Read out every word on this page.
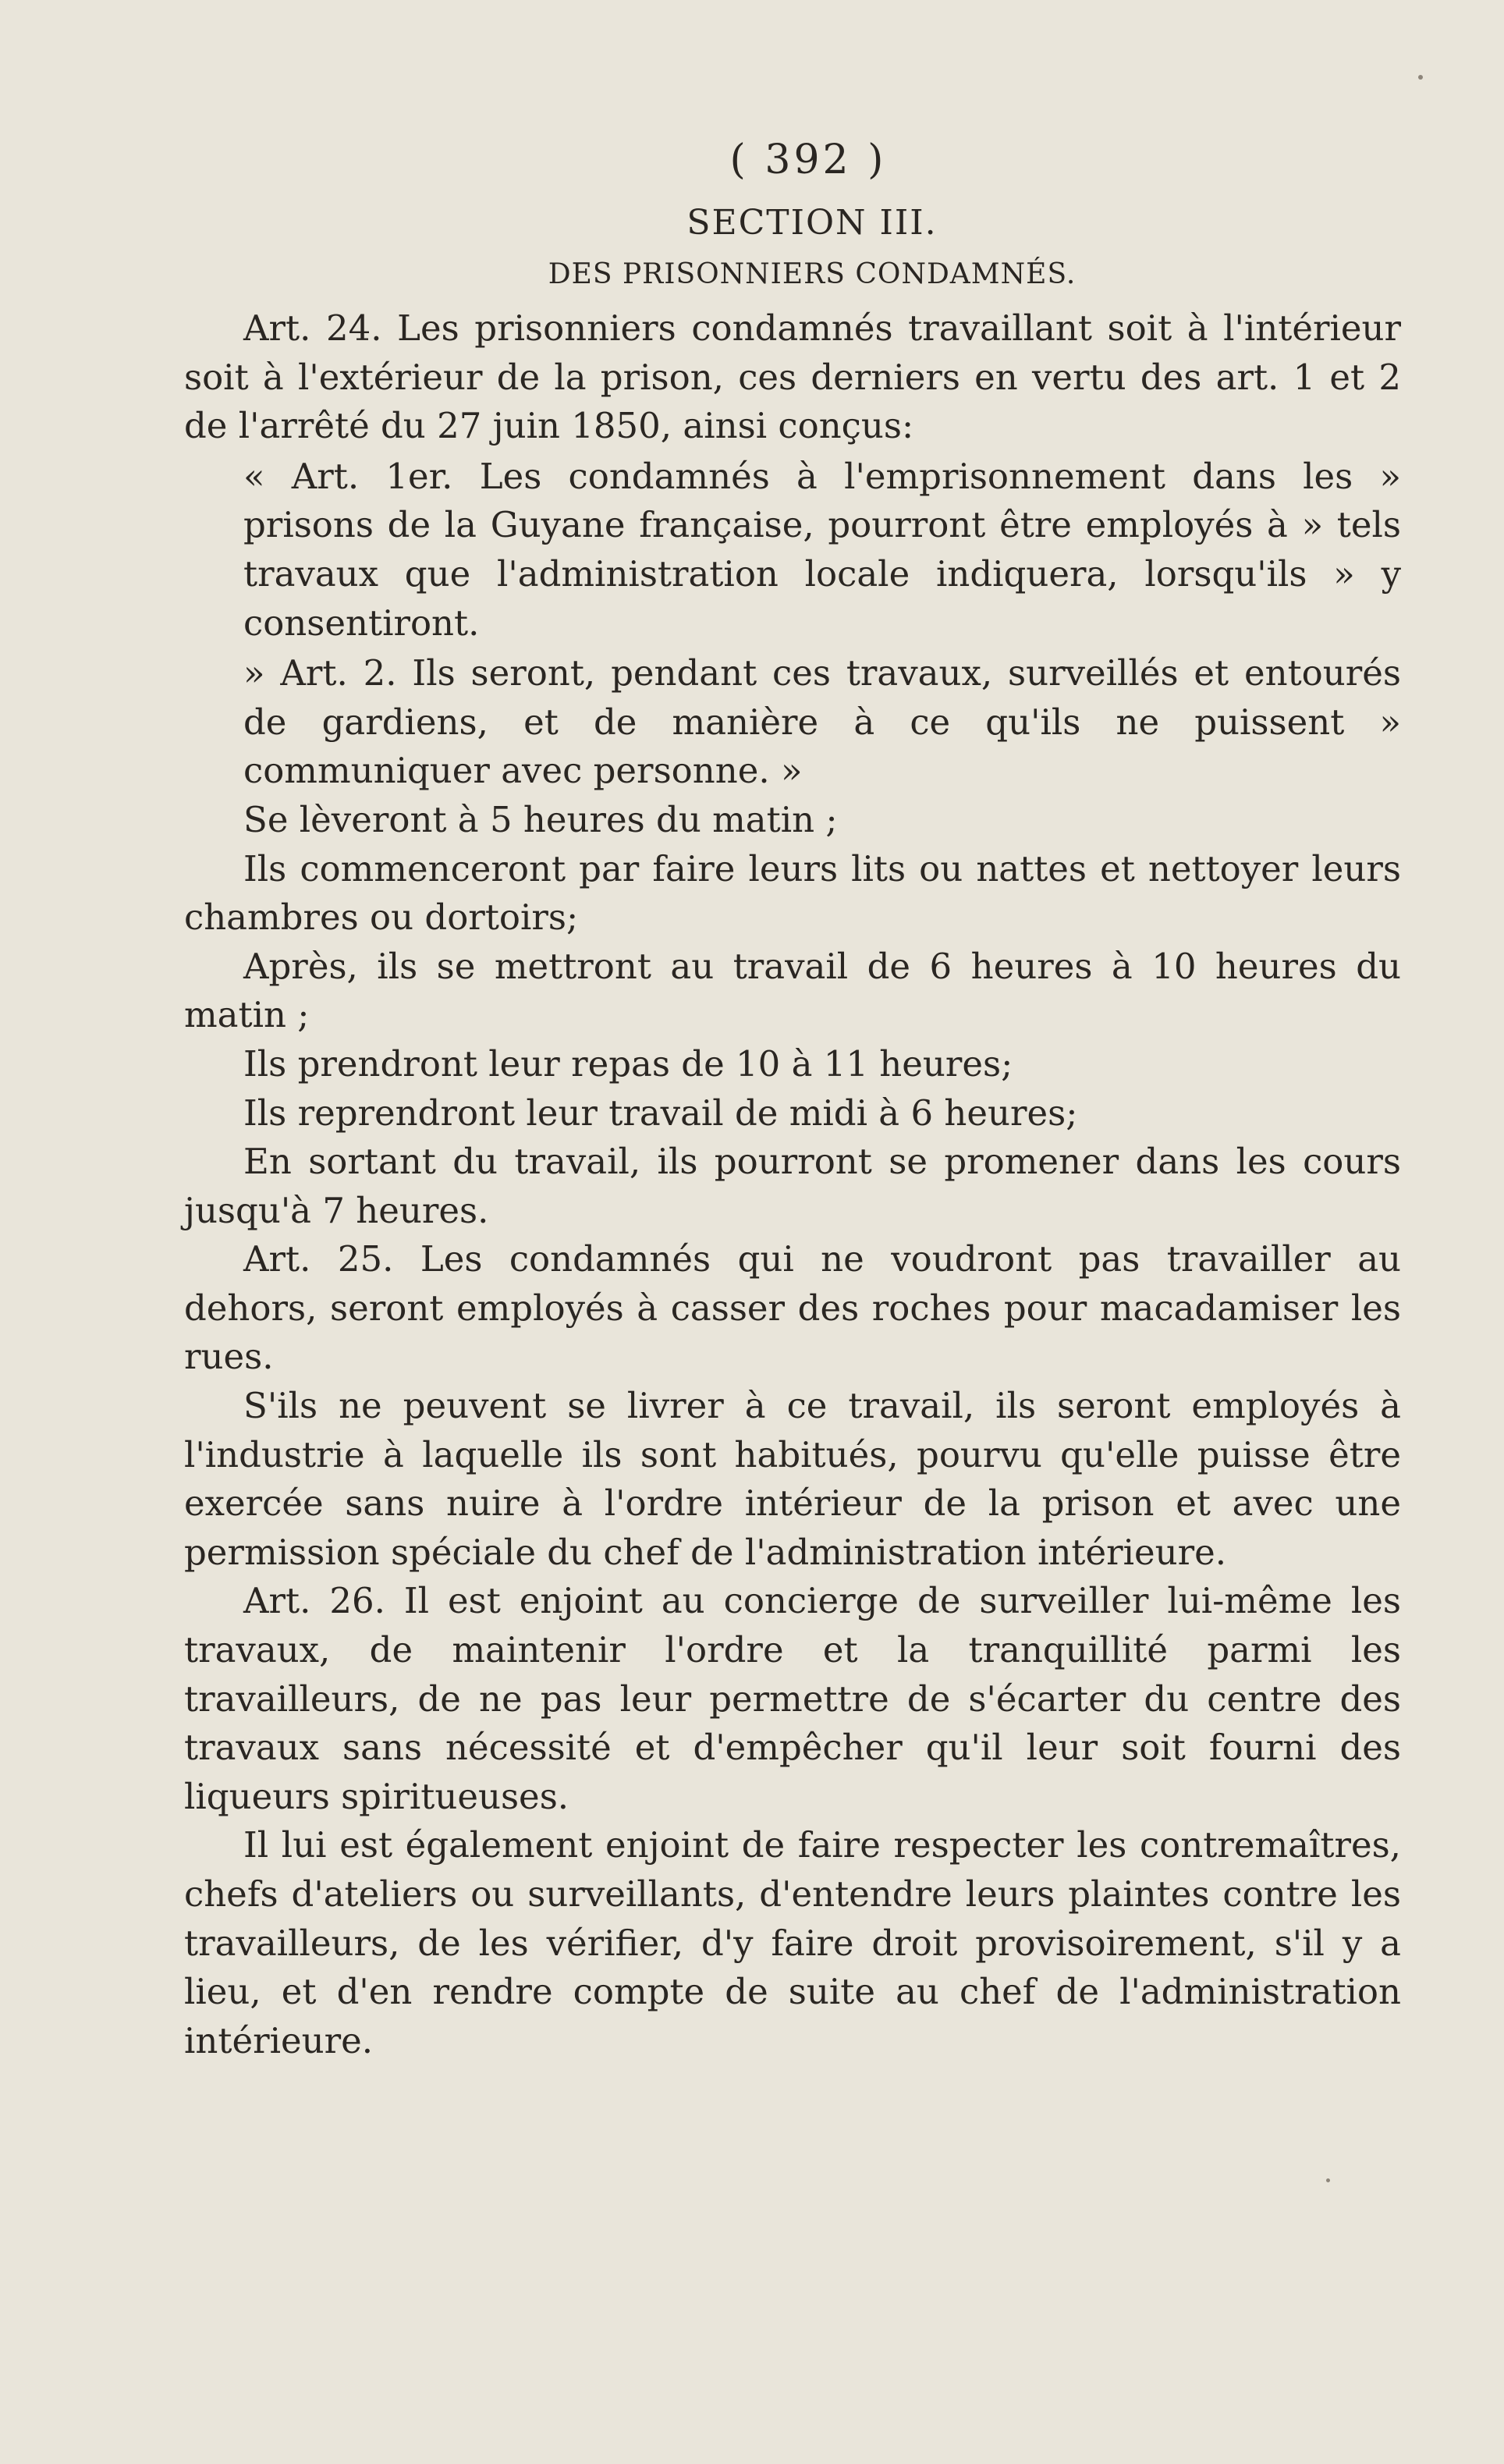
( 392 )
SECTION III.
DES PRISONNIERS CONDAMNÉS.

Art. 24. Les prisonniers condamnés travaillant soit à l'intérieur soit à l'extérieur de la prison, ces derniers en vertu des art. 1 et 2 de l'arrêté du 27 juin 1850, ainsi conçus:

« Art. 1er. Les condamnés à l'emprisonnement dans les » prisons de la Guyane française, pourront être employés à » tels travaux que l'administration locale indiquera, lorsqu'ils » y consentiront.

» Art. 2. Ils seront, pendant ces travaux, surveillés et entourés de gardiens, et de manière à ce qu'ils ne puissent » communiquer avec personne. »

Se lèveront à 5 heures du matin ;

Ils commenceront par faire leurs lits ou nattes et nettoyer leurs chambres ou dortoirs;

Après, ils se mettront au travail de 6 heures à 10 heures du matin ;

Ils prendront leur repas de 10 à 11 heures;

Ils reprendront leur travail de midi à 6 heures;

En sortant du travail, ils pourront se promener dans les cours jusqu'à 7 heures.

Art. 25. Les condamnés qui ne voudront pas travailler au dehors, seront employés à casser des roches pour macadamiser les rues.

S'ils ne peuvent se livrer à ce travail, ils seront employés à l'industrie à laquelle ils sont habitués, pourvu qu'elle puisse être exercée sans nuire à l'ordre intérieur de la prison et avec une permission spéciale du chef de l'administration intérieure.

Art. 26. Il est enjoint au concierge de surveiller lui-même les travaux, de maintenir l'ordre et la tranquillité parmi les travailleurs, de ne pas leur permettre de s'écarter du centre des travaux sans nécessité et d'empêcher qu'il leur soit fourni des liqueurs spiritueuses.

Il lui est également enjoint de faire respecter les contremaîtres, chefs d'ateliers ou surveillants, d'entendre leurs plaintes contre les travailleurs, de les vérifier, d'y faire droit provisoirement, s'il y a lieu, et d'en rendre compte de suite au chef de l'administration intérieure.
